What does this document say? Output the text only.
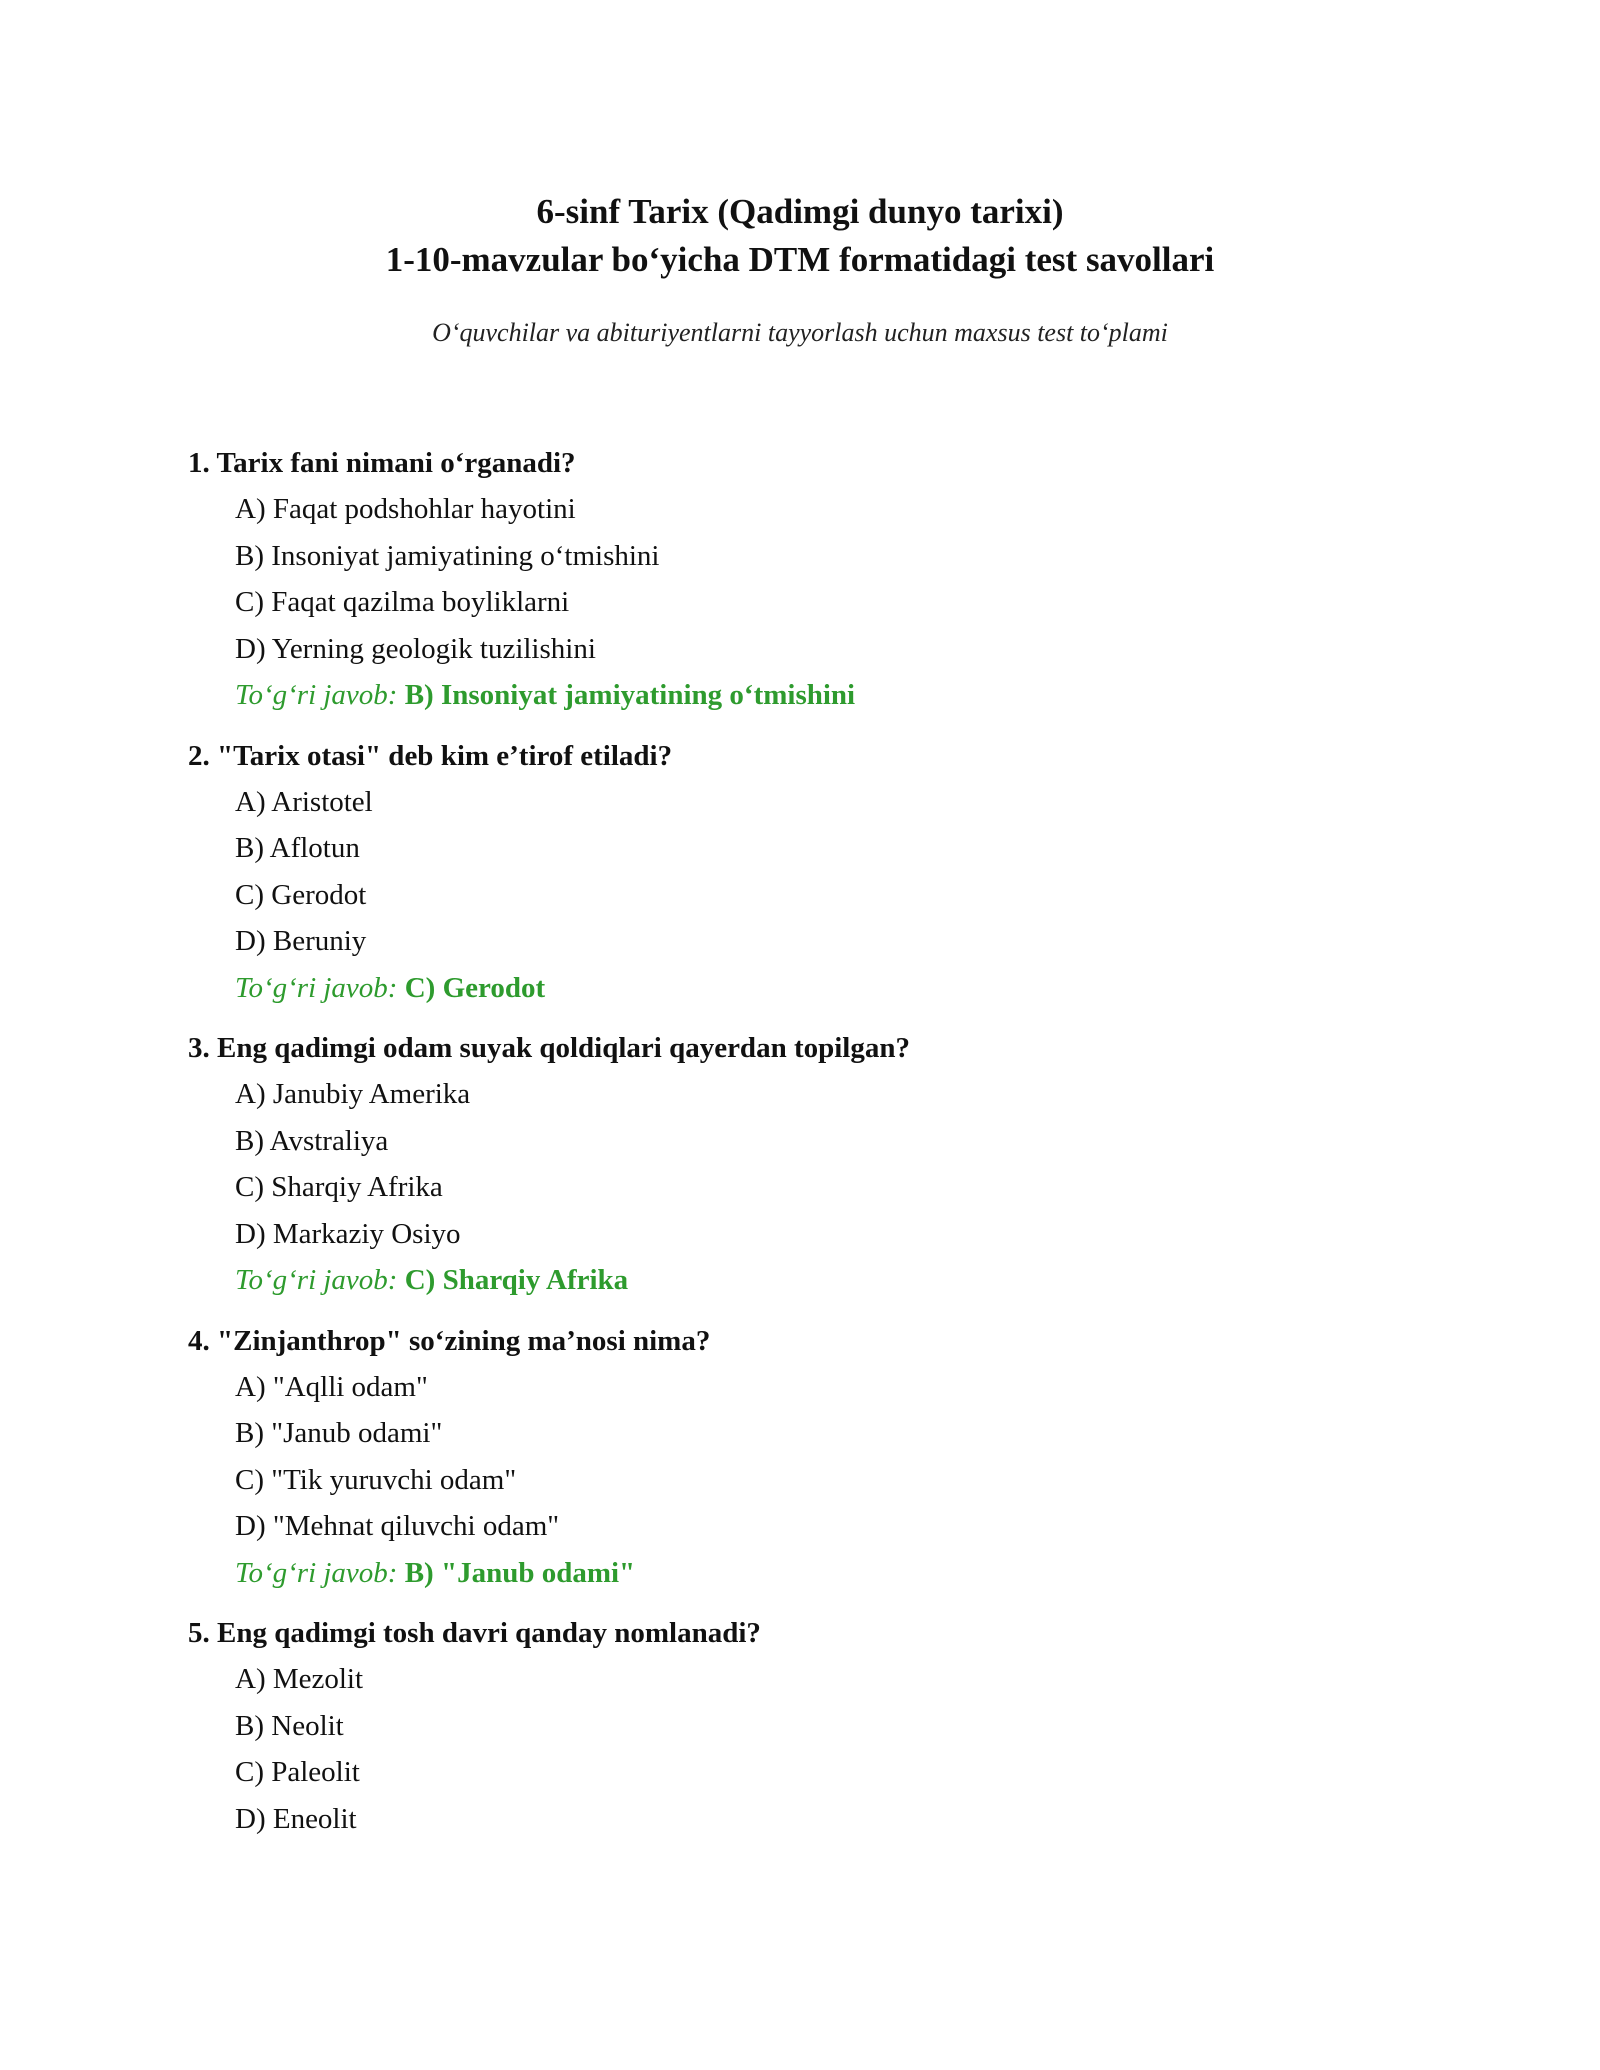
6-sinf Tarix (Qadimgi dunyo tarixi)

1-10-mavzular bo‘yicha DTM formatidagi test savollari

O‘quvchilar va abituriyentlarni tayyorlash uchun maxsus test to‘plami

1. Tarix fani nimani o‘rganadi?

A) Faqat podshohlar hayotini

B) Insoniyat jamiyatining o‘tmishini

C) Faqat qazilma boyliklarni

D) Yerning geologik tuzilishini

To‘g‘ri javob: B) Insoniyat jamiyatining o‘tmishini

2. "Tarix otasi" deb kim e’tirof etiladi?

A) Aristotel

B) Aflotun

C) Gerodot

D) Beruniy

To‘g‘ri javob: C) Gerodot

3. Eng qadimgi odam suyak qoldiqlari qayerdan topilgan?

A) Janubiy Amerika

B) Avstraliya

C) Sharqiy Afrika

D) Markaziy Osiyo

To‘g‘ri javob: C) Sharqiy Afrika

4. "Zinjanthrop" so‘zining ma’nosi nima?

A) "Aqlli odam"

B) "Janub odami"

C) "Tik yuruvchi odam"

D) "Mehnat qiluvchi odam"

To‘g‘ri javob: B) "Janub odami"

5. Eng qadimgi tosh davri qanday nomlanadi?

A) Mezolit

B) Neolit

C) Paleolit

D) Eneolit
